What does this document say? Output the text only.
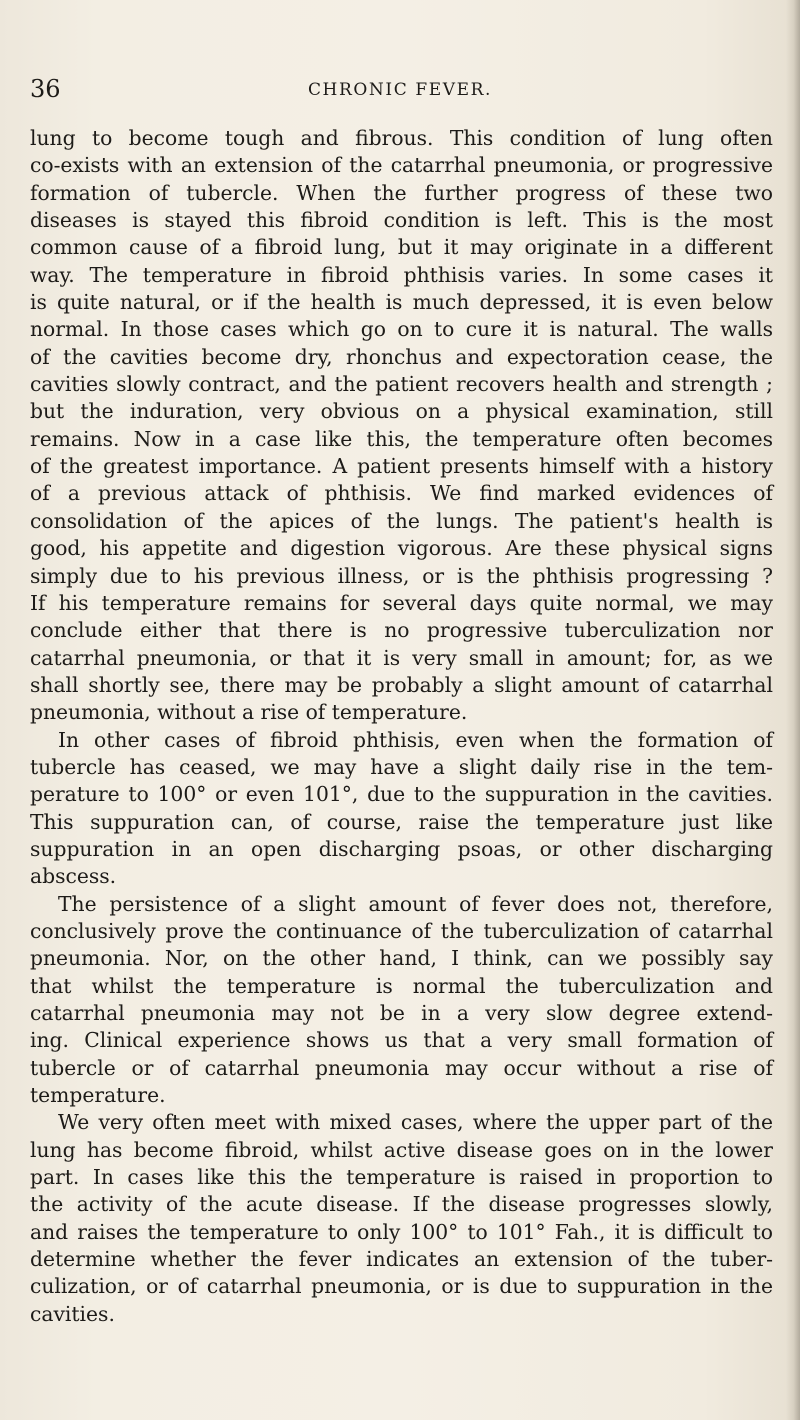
36	CHRONIC FEVER.
lung to become tough and fibrous. This condition of lung often
co-exists with an extension of the catarrhal pneumonia, or progressive
formation of tubercle. When the further progress of these two
diseases is stayed this fibroid condition is left. This is the most
common cause of a fibroid lung, but it may originate in a different
way. The temperature in fibroid phthisis varies. In some cases it
is quite natural, or if the health is much depressed, it is even below
normal. In those cases which go on to cure it is natural. The walls
of the cavities become dry, rhonchus and expectoration cease, the
cavities slowly contract, and the patient recovers health and strength ;
but the induration, very obvious on a physical examination, still
remains. Now in a case like this, the temperature often becomes
of the greatest importance. A patient presents himself with a history
of a previous attack of phthisis. We find marked evidences of
consolidation of the apices of the lungs. The patient's health is
good, his appetite and digestion vigorous. Are these physical signs
simply due to his previous illness, or is the phthisis progressing ?
If his temperature remains for several days quite normal, we may
conclude either that there is no progressive tuberculization nor
catarrhal pneumonia, or that it is very small in amount; for, as we
shall shortly see, there may be probably a slight amount of catarrhal
pneumonia, without a rise of temperature.
In other cases of fibroid phthisis, even when the formation of
tubercle has ceased, we may have a slight daily rise in the tem-
perature to 100° or even 101°, due to the suppuration in the cavities.
This suppuration can, of course, raise the temperature just like
suppuration in an open discharging psoas, or other discharging
abscess.
The persistence of a slight amount of fever does not, therefore,
conclusively prove the continuance of the tuberculization of catarrhal
pneumonia. Nor, on the other hand, I think, can we possibly say
that whilst the temperature is normal the tuberculization and
catarrhal pneumonia may not be in a very slow degree extend-
ing. Clinical experience shows us that a very small formation of
tubercle or of catarrhal pneumonia may occur without a rise of
temperature.
We very often meet with mixed cases, where the upper part of the
lung has become fibroid, whilst active disease goes on in the lower
part. In cases like this the temperature is raised in proportion to
the activity of the acute disease. If the disease progresses slowly,
and raises the temperature to only 100° to 101° Fah., it is difficult to
determine whether the fever indicates an extension of the tuber-
culization, or of catarrhal pneumonia, or is due to suppuration in the
cavities.
